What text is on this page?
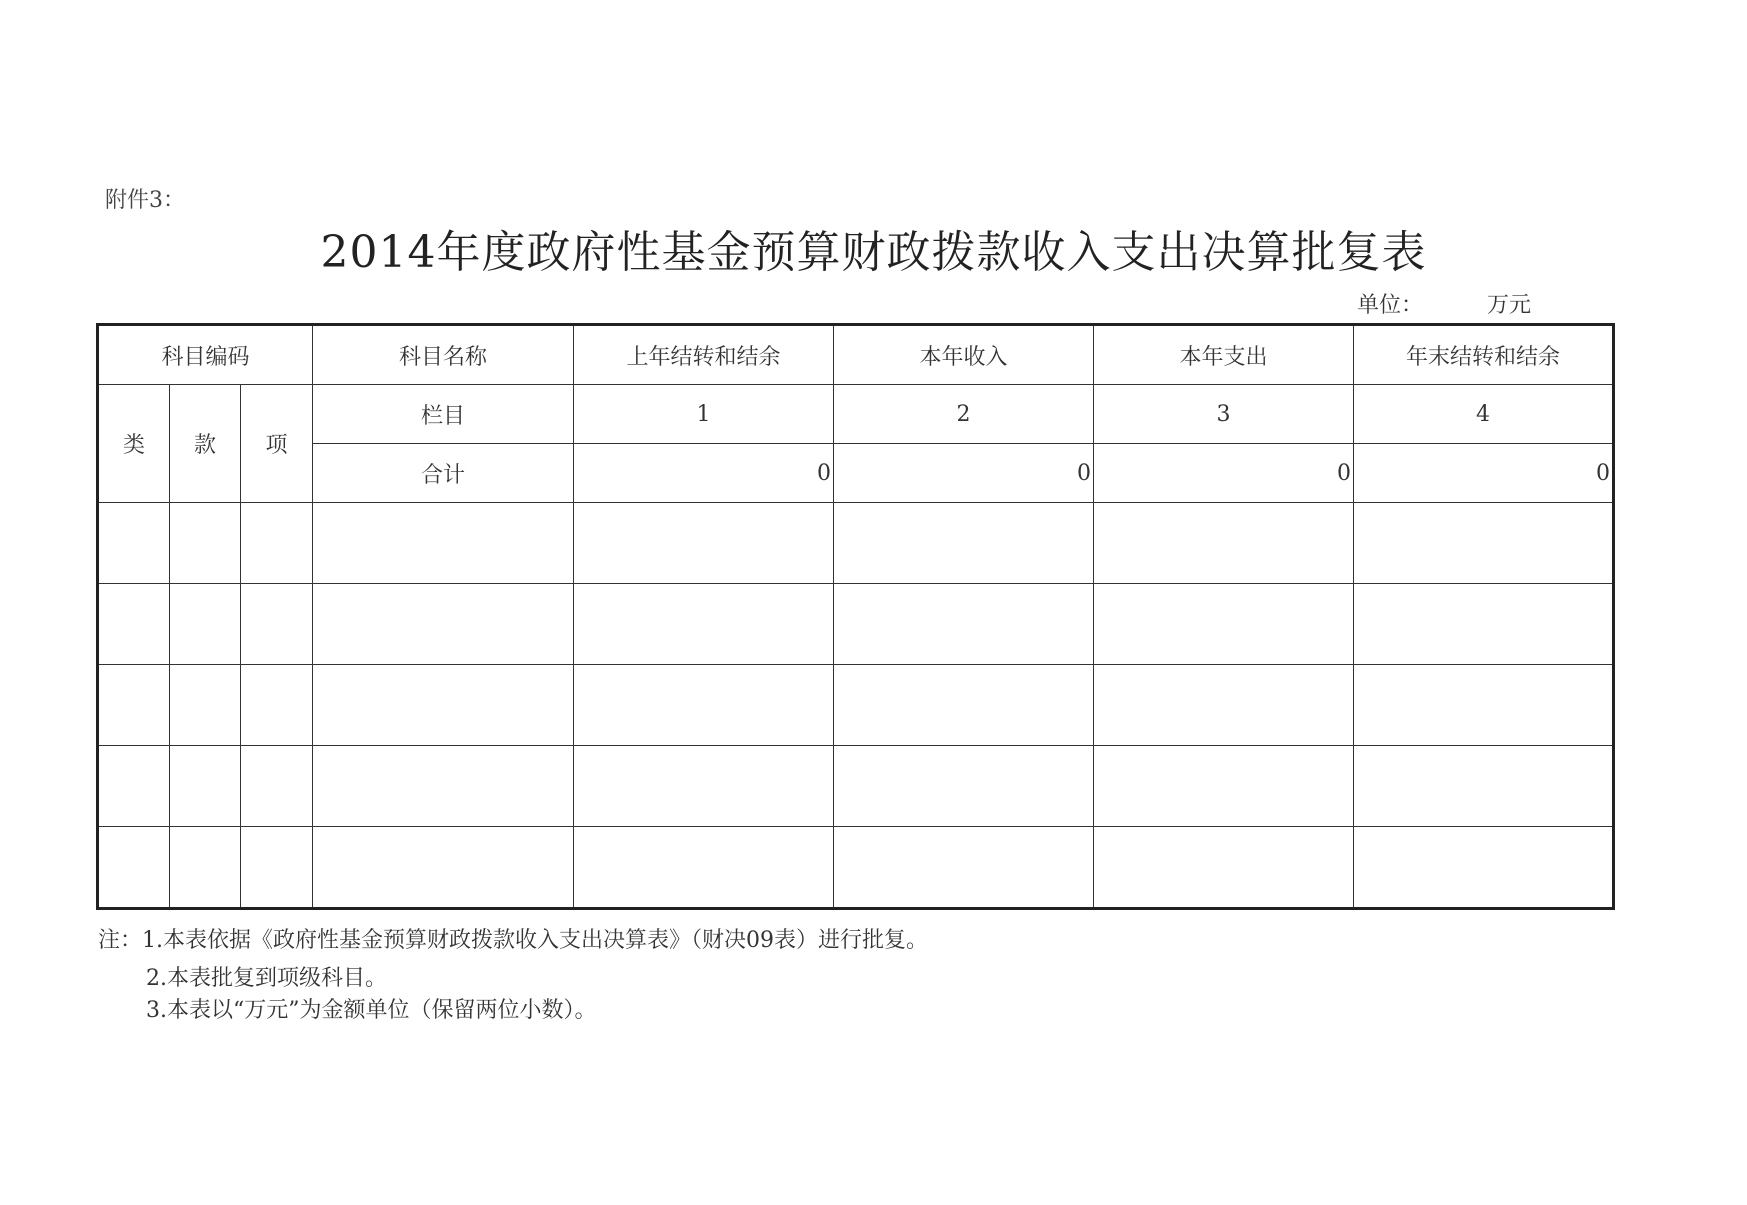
附件3：
2014年度政府性基金预算财政拨款收入支出决算批复表
单位：	万元
科目编码			科目名称	上年结转和结余	本年收入	本年支出	年末结转和结余
类	款	项	栏目	1	2	3	4
			合计	0	0	0	0

注：1.本表依据《政府性基金预算财政拨款收入支出决算表》（财决09表）进行批复。
2.本表批复到项级科目。
3.本表以“万元”为金额单位（保留两位小数）。
